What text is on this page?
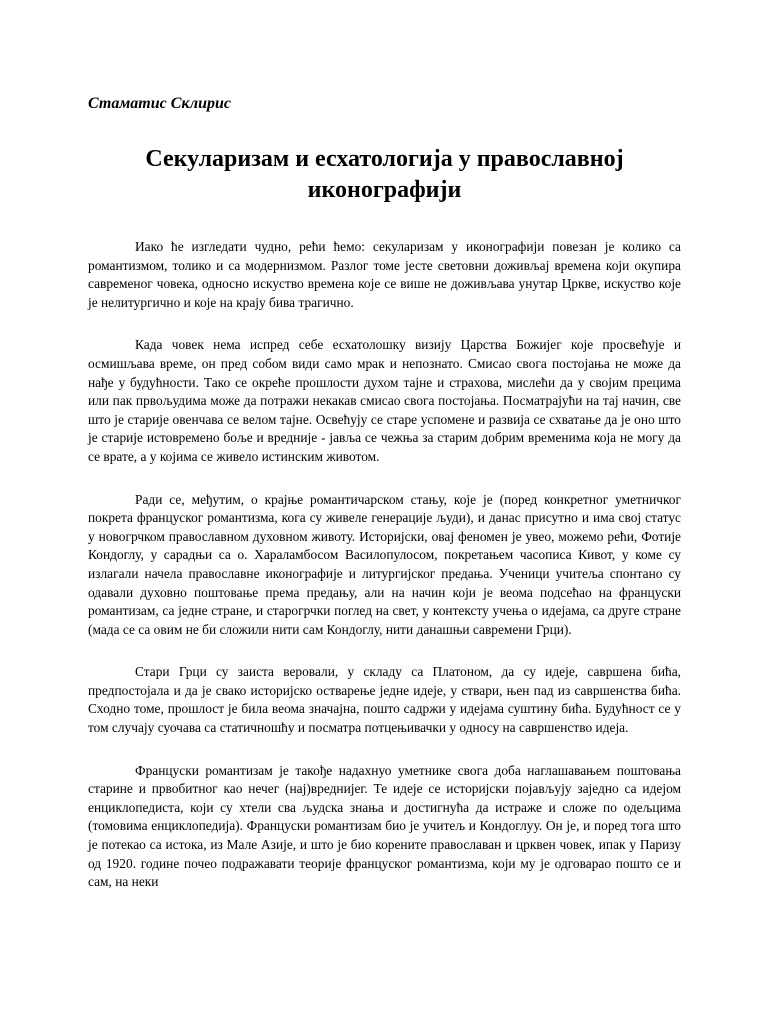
Стаматис Склирис

Секуларизам и есхатологија у православној иконографији

Иако ће изгледати чудно, рећи ћемо: секуларизам у иконографији повезан је колико са романтизмом, толико и са модернизмом. Разлог томе јесте световни доживљај времена који окупира савременог човека, односно искуство времена које се више не доживљава унутар Цркве, искуство које је нелитургично и које на крају бива трагично.

Када човек нема испред себе есхатолошку визију Царства Божијег које просвећује и осмишљава време, он пред собом види само мрак и непознато. Смисао свога постојања не може да нађе у будућности. Тако се окреће прошлости духом тајне и страхова, мислећи да у својим прецима или пак првољудима може да потражи некакав смисао свога постојања. Посматрајући на тај начин, све што је старије овенчава се велом тајне. Освећују се старе успомене и развија се схватање да је оно што је старије истовремено боље и вредније - јавља се чежња за старим добрим временима која не могу да се врате, а у којима се живело истинским животом.

Ради се, међутим, о крајње романтичарском стању, које је (поред конкретног уметничког покрета француског романтизма, кога су живеле генерације људи), и данас присутно и има свој статус у новогрчком православном духовном животу. Историјски, овај феномен је увео, можемо рећи, Фотије Кондоглу, у сарадњи са о. Хараламбосом Василопулосом, покретањем часописа Кивот, у коме су излагали начела православне иконографије и литургијског предања. Ученици учитеља спонтано су одавали духовно поштовање према предању, али на начин који је веома подсећао на француски романтизам, са једне стране, и старогрчки поглед на свет, у контексту учења о идејама, са друге стране (мада се са овим не би сложили нити сам Кондоглу, нити данашњи савремени Грци).

Стари Грци су заиста веровали, у складу са Платоном, да су идеје, савршена бића, предпостојала и да је свако историјско остварење једне идеје, у ствари, њен пад из савршенства бића. Сходно томе, прошлост је била веома значајна, пошто садржи у идејама суштину бића. Будућност се у том случају суочава са статичношћу и посматра потцењивачки у односу на савршенство идеја.

Француски романтизам је такође надахнуо уметнике свога доба наглашавањем поштовања старине и првобитног као нечег (нај)вреднијег. Те идеје се историјски појављују заједно са идејом енциклопедиста, који су хтели сва људска знања и достигнућа да истраже и сложе по одељцима (томовима енциклопедија). Француски романтизам био је учитељ и Кондоглуу. Он је, и поред тога што је потекао са истока, из Мале Азије, и што је био корените православан и црквен човек, ипак у Паризу од 1920. године почео подражавати теорије француског романтизма, који му је одговарао пошто се и сам, на неки
